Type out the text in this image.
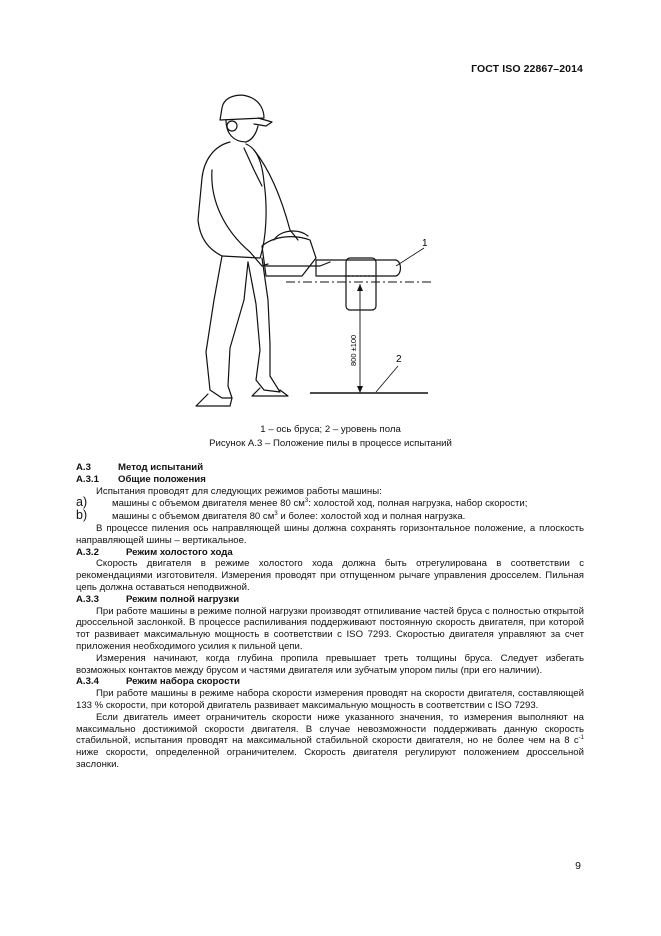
ГОСТ ISO 22867–2014
1
2
800 ±100
1 – ось бруса; 2 – уровень пола
Рисунок А.3 – Положение пилы в процессе испытаний
А.3	Метод испытаний
А.3.1	Общие положения

Испытания проводят для следующих режимов работы машины:

a)	машины с объемом двигателя менее 80 $см^3$: холостой ход, полная нагрузка, набор скорости;
b)	машины с объемом двигателя 80 $см^3$ и более: холостой ход и полная нагрузка.

В процессе пиления ось направляющей шины должна сохранять горизонтальное положение, а плоскость направляющей шины – вертикальное.

А.3.2	Режим холостого хода

Скорость двигателя в режиме холостого хода должна быть отрегулирована в соответствии с рекомендациями изготовителя. Измерения проводят при отпущенном рычаге управления дросселем. Пильная цепь должна оставаться неподвижной.

А.3.3	Режим полной нагрузки

При работе машины в режиме полной нагрузки производят отпиливание частей бруса с полностью открытой дроссельной заслонкой. В процессе распиливания поддерживают постоянную скорость двигателя, при которой тот развивает максимальную мощность в соответствии с ISO 7293. Скоростью двигателя управляют за счет приложения необходимого усилия к пильной цепи.

Измерения начинают, когда глубина пропила превышает треть толщины бруса. Следует избегать возможных контактов между брусом и частями двигателя или зубчатым упором пилы (при его наличии).

А.3.4	Режим набора скорости

При работе машины в режиме набора скорости измерения проводят на скорости двигателя, составляющей 133 % скорости, при которой двигатель развивает максимальную мощность в соответствии с ISO 7293.

Если двигатель имеет ограничитель скорости ниже указанного значения, то измерения выполняют на максимально достижимой скорости двигателя. В случае невозможности поддерживать данную скорость стабильной, испытания проводят на максимальной стабильной скорости двигателя, но не более чем на 8 $с^{-1}$ ниже скорости, определенной ограничителем. Скорость двигателя регулируют положением дроссельной заслонки.

9
